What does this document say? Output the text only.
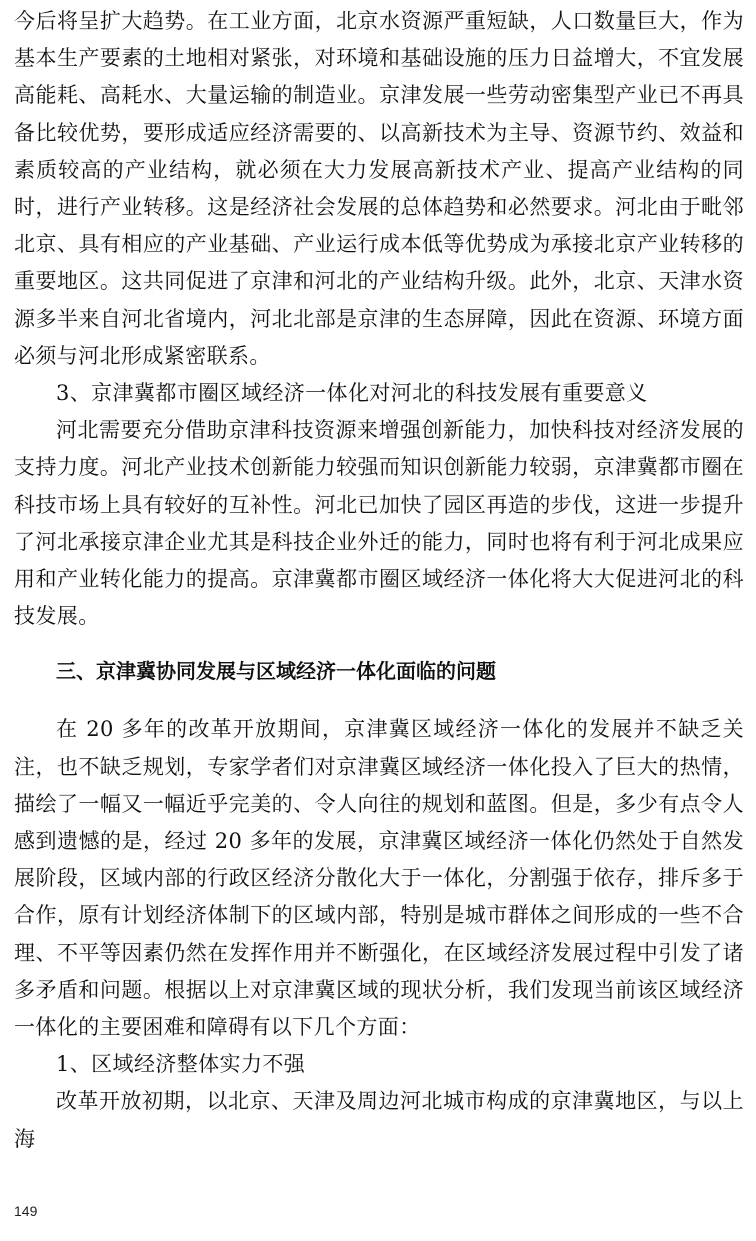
今后将呈扩大趋势。在工业方面，北京水资源严重短缺，人口数量巨大，作为基本生产要素的土地相对紧张，对环境和基础设施的压力日益增大，不宜发展高能耗、高耗水、大量运输的制造业。京津发展一些劳动密集型产业已不再具备比较优势，要形成适应经济需要的、以高新技术为主导、资源节约、效益和素质较高的产业结构，就必须在大力发展高新技术产业、提高产业结构的同时，进行产业转移。这是经济社会发展的总体趋势和必然要求。河北由于毗邻北京、具有相应的产业基础、产业运行成本低等优势成为承接北京产业转移的重要地区。这共同促进了京津和河北的产业结构升级。此外，北京、天津水资源多半来自河北省境内，河北北部是京津的生态屏障，因此在资源、环境方面必须与河北形成紧密联系。

3、京津冀都市圈区域经济一体化对河北的科技发展有重要意义

河北需要充分借助京津科技资源来增强创新能力，加快科技对经济发展的支持力度。河北产业技术创新能力较强而知识创新能力较弱，京津冀都市圈在科技市场上具有较好的互补性。河北已加快了园区再造的步伐，这进一步提升了河北承接京津企业尤其是科技企业外迁的能力，同时也将有利于河北成果应用和产业转化能力的提高。京津冀都市圈区域经济一体化将大大促进河北的科技发展。

三、京津冀协同发展与区域经济一体化面临的问题

在 20 多年的改革开放期间，京津冀区域经济一体化的发展并不缺乏关注，也不缺乏规划，专家学者们对京津冀区域经济一体化投入了巨大的热情，描绘了一幅又一幅近乎完美的、令人向往的规划和蓝图。但是，多少有点令人感到遗憾的是，经过 20 多年的发展，京津冀区域经济一体化仍然处于自然发展阶段，区域内部的行政区经济分散化大于一体化，分割强于依存，排斥多于合作，原有计划经济体制下的区域内部，特别是城市群体之间形成的一些不合理、不平等因素仍然在发挥作用并不断强化，在区域经济发展过程中引发了诸多矛盾和问题。根据以上对京津冀区域的现状分析，我们发现当前该区域经济一体化的主要困难和障碍有以下几个方面：

1、区域经济整体实力不强

改革开放初期，以北京、天津及周边河北城市构成的京津冀地区，与以上海

149
